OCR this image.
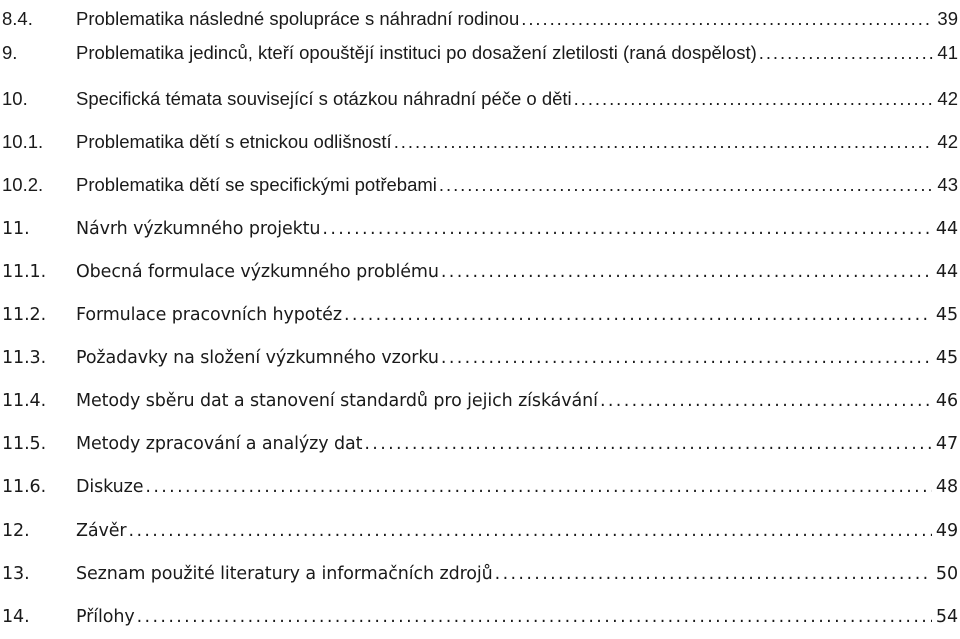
8.4. Problematika následné spolupráce s náhradní rodinou . . .	39
9.	Problematika jedinců, kteří opouštějí instituci po dosažení zletilosti (raná dospělost) . . .	41
10.	Specifická témata související s otázkou náhradní péče o děti . . .	42
10.1. Problematika dětí s etnickou odlišností . . .	42
10.2. Problematika dětí se specifickými potřebami . . .	43
11.	Návrh výzkumného projektu . . .	44
11.1. Obecná formulace výzkumného problému . . .	44
11.2. Formulace pracovních hypotéz . . .	45
11.3. Požadavky na složení výzkumného vzorku . . .	45
11.4. Metody sběru dat a stanovení standardů pro jejich získávání . . .	46
11.5. Metody zpracování a analýzy dat . . .	47
11.6. Diskuze . . .	48
12.	Závěr . . .	49
13.	Seznam použité literatury a informačních zdrojů . . .	50
14.	Přílohy . . .	54
